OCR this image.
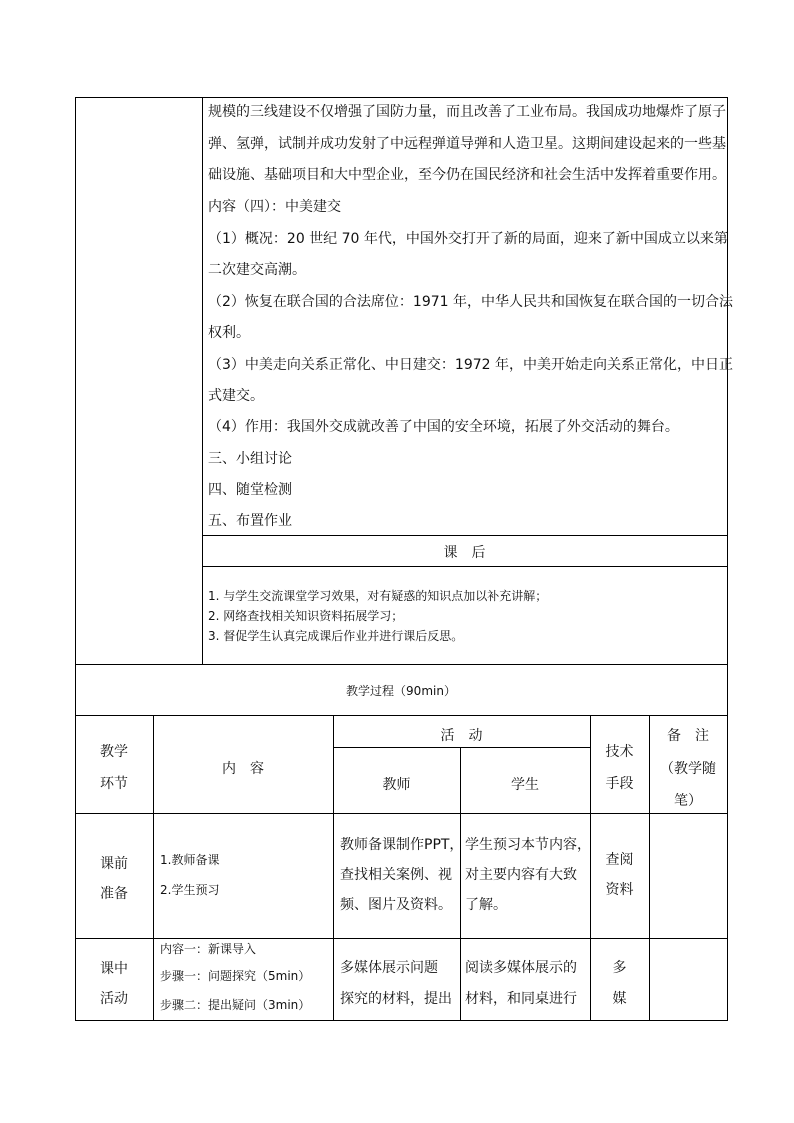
规模的三线建设不仅增强了国防力量，而且改善了工业布局。我国成功地爆炸了原子
弹、氢弹，试制并成功发射了中远程弹道导弹和人造卫星。这期间建设起来的一些基
础设施、基础项目和大中型企业，至今仍在国民经济和社会生活中发挥着重要作用。
内容（四）：中美建交
（1）概况：20 世纪 70 年代，中国外交打开了新的局面，迎来了新中国成立以来第
二次建交高潮。
（2）恢复在联合国的合法席位：1971 年，中华人民共和国恢复在联合国的一切合法
权利。
（3）中美走向关系正常化、中日建交：1972 年，中美开始走向关系正常化，中日正
式建交。
（4）作用：我国外交成就改善了中国的安全环境，拓展了外交活动的舞台。
三、小组讨论
四、随堂检测
五、布置作业
课　后
1. 与学生交流课堂学习效果，对有疑惑的知识点加以补充讲解；
2. 网络查找相关知识资料拓展学习；
3. 督促学生认真完成课后作业并进行课后反思。
教学过程（90min）
教学
环节
内　容
活　动
教师	学生
技术
手段
备　注
（教学随
笔）
课前
准备
1.教师备课
2.学生预习
教师备课制作PPT，
查找相关案例、视
频、图片及资料。
学生预习本节内容，
对主要内容有大致
了解。
查阅
资料
课中
活动
内容一：新课导入
步骤一：问题探究（5min）
步骤二：提出疑问（3min）
多媒体展示问题
探究的材料，提出
阅读多媒体展示的
材料，和同桌进行
多
媒
